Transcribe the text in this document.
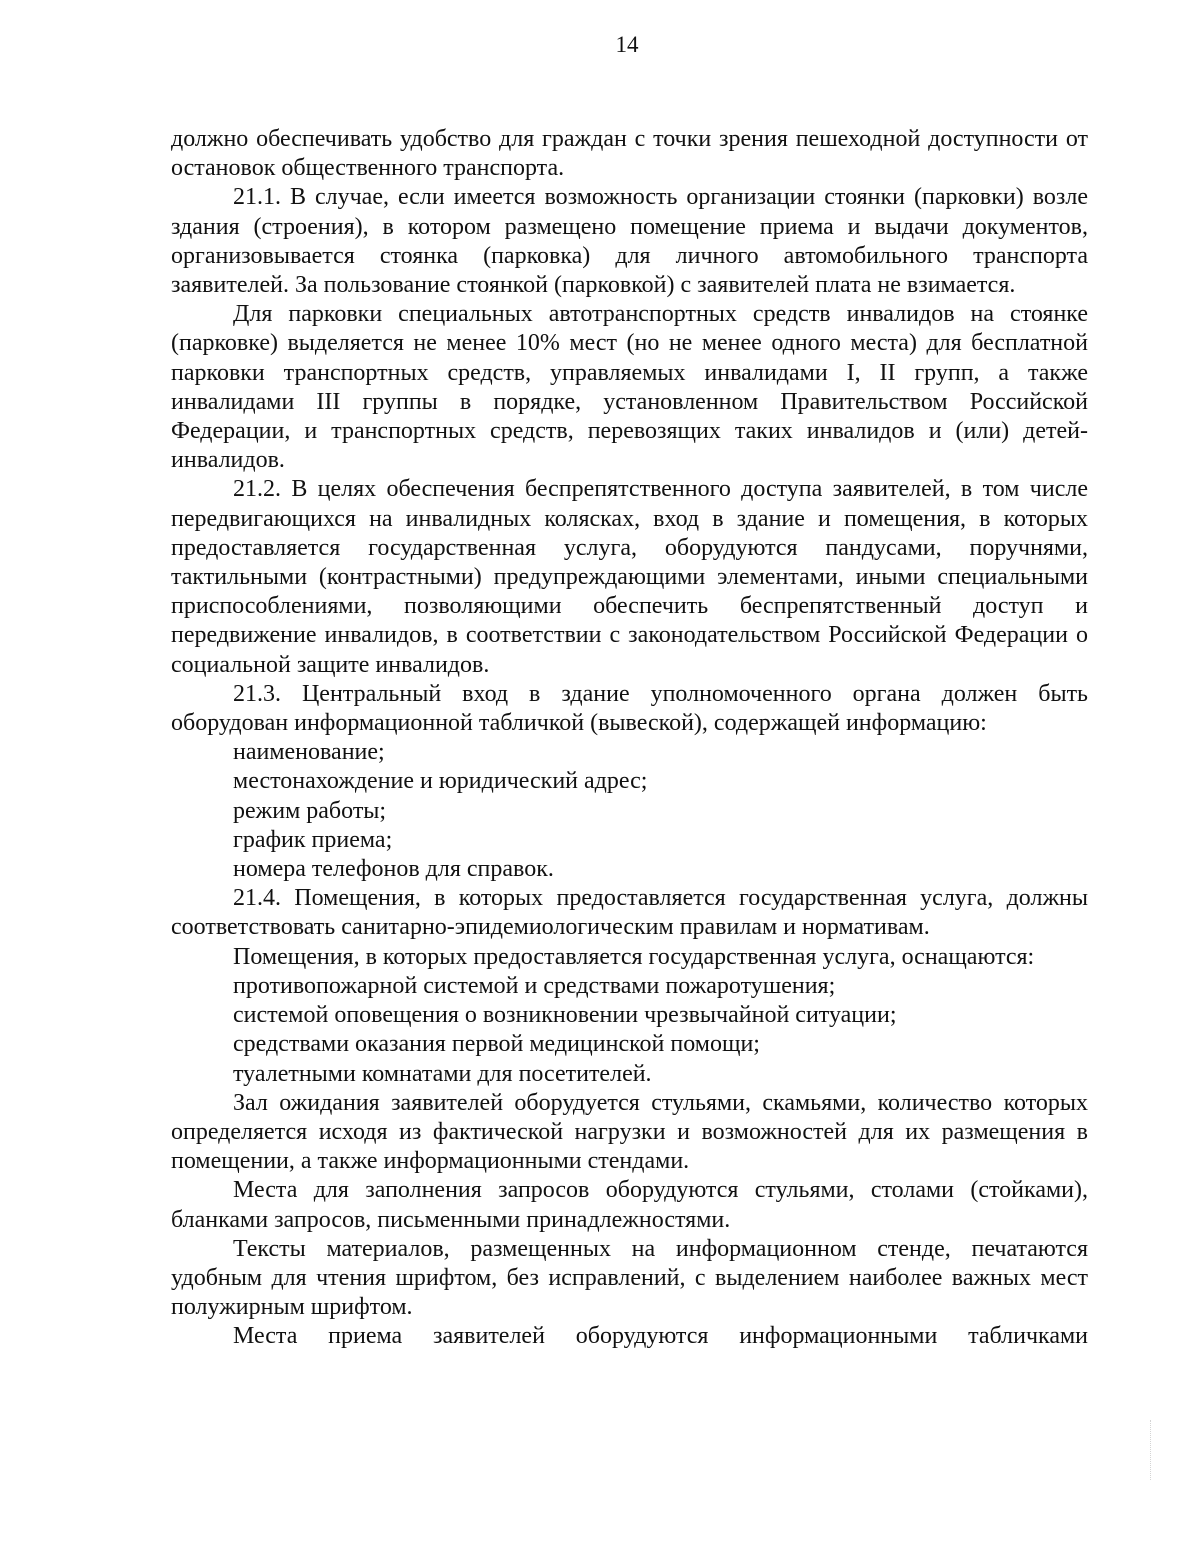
14

должно обеспечивать удобство для граждан с точки зрения пешеходной доступности от остановок общественного транспорта.

21.1. В случае, если имеется возможность организации стоянки (парковки) возле здания (строения), в котором размещено помещение приема и выдачи документов, организовывается стоянка (парковка) для личного автомобильного транспорта заявителей. За пользование стоянкой (парковкой) с заявителей плата не взимается.

Для парковки специальных автотранспортных средств инвалидов на стоянке (парковке) выделяется не менее 10% мест (но не менее одного места) для бесплатной парковки транспортных средств, управляемых инвалидами I, II групп, а также инвалидами III группы в порядке, установленном Правительством Российской Федерации, и транспортных средств, перевозящих таких инвалидов и (или) детей-инвалидов.

21.2. В целях обеспечения беспрепятственного доступа заявителей, в том числе передвигающихся на инвалидных колясках, вход в здание и помещения, в которых предоставляется государственная услуга, оборудуются пандусами, поручнями, тактильными (контрастными) предупреждающими элементами, иными специальными приспособлениями, позволяющими обеспечить беспрепятственный доступ и передвижение инвалидов, в соответствии с законодательством Российской Федерации о социальной защите инвалидов.

21.3. Центральный вход в здание уполномоченного органа должен быть оборудован информационной табличкой (вывеской), содержащей информацию:

наименование;

местонахождение и юридический адрес;

режим работы;

график приема;

номера телефонов для справок.

21.4. Помещения, в которых предоставляется государственная услуга, должны соответствовать санитарно-эпидемиологическим правилам и нормативам.

Помещения, в которых предоставляется государственная услуга, оснащаются:

противопожарной системой и средствами пожаротушения;

системой оповещения о возникновении чрезвычайной ситуации;

средствами оказания первой медицинской помощи;

туалетными комнатами для посетителей.

Зал ожидания заявителей оборудуется стульями, скамьями, количество которых определяется исходя из фактической нагрузки и возможностей для их размещения в помещении, а также информационными стендами.

Места для заполнения запросов оборудуются стульями, столами (стойками), бланками запросов, письменными принадлежностями.

Тексты материалов, размещенных на информационном стенде, печатаются удобным для чтения шрифтом, без исправлений, с выделением наиболее важных мест полужирным шрифтом.

Места приема заявителей оборудуются информационными табличками
